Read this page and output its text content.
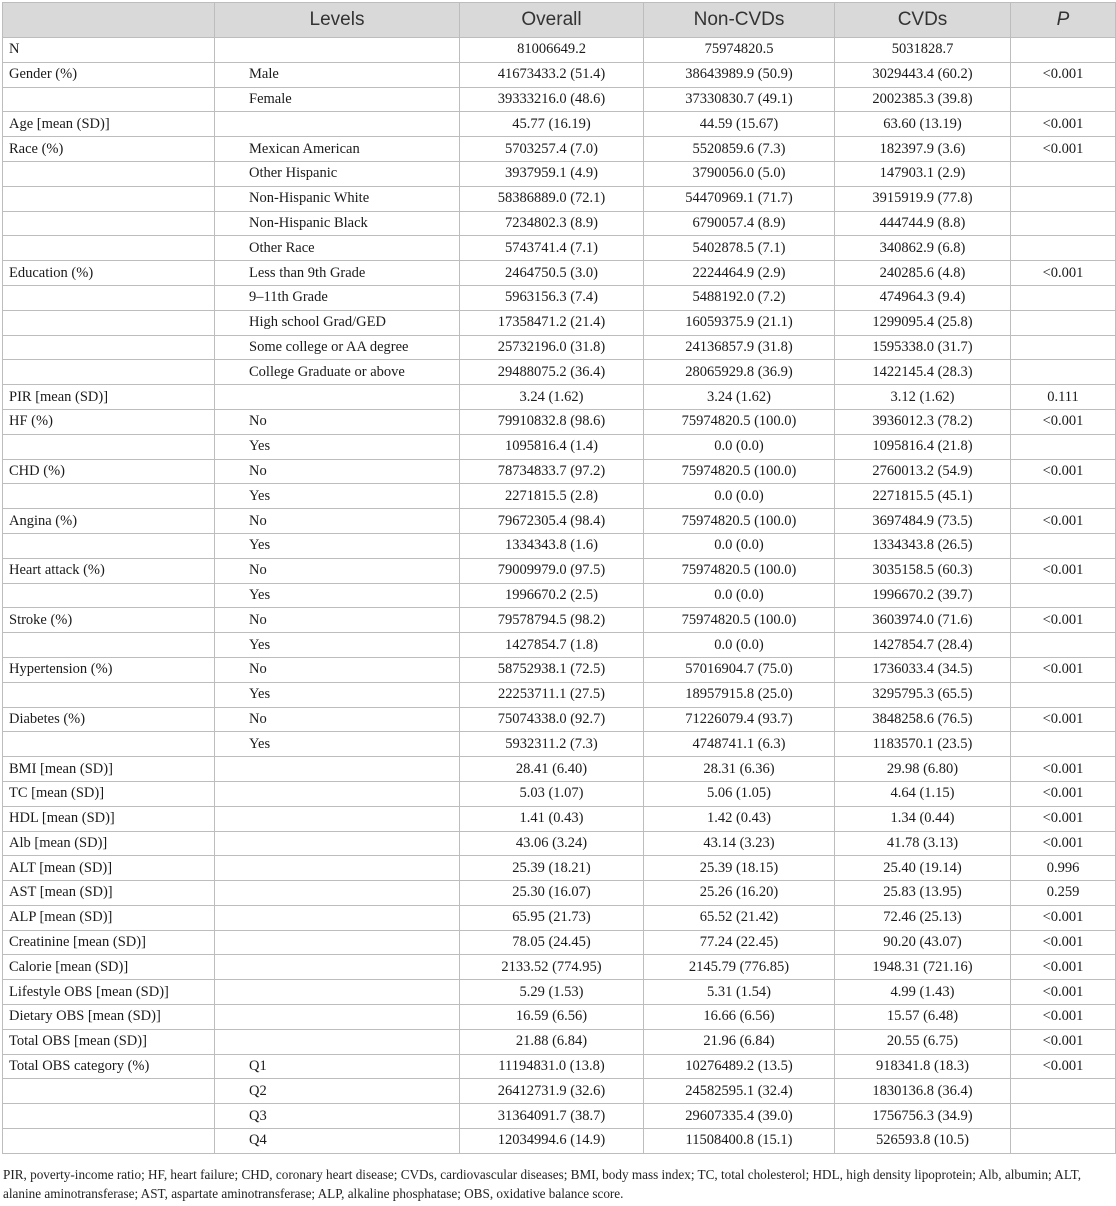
	Levels	Overall	Non-CVDs	CVDs	P
N		81006649.2	75974820.5	5031828.7	
Gender (%)	Male	41673433.2 (51.4)	38643989.9 (50.9)	3029443.4 (60.2)	<0.001
	Female	39333216.0 (48.6)	37330830.7 (49.1)	2002385.3 (39.8)	
Age [mean (SD)]		45.77 (16.19)	44.59 (15.67)	63.60 (13.19)	<0.001
Race (%)	Mexican American	5703257.4 (7.0)	5520859.6 (7.3)	182397.9 (3.6)	<0.001
	Other Hispanic	3937959.1 (4.9)	3790056.0 (5.0)	147903.1 (2.9)	
	Non-Hispanic White	58386889.0 (72.1)	54470969.1 (71.7)	3915919.9 (77.8)	
	Non-Hispanic Black	7234802.3 (8.9)	6790057.4 (8.9)	444744.9 (8.8)	
	Other Race	5743741.4 (7.1)	5402878.5 (7.1)	340862.9 (6.8)	
Education (%)	Less than 9th Grade	2464750.5 (3.0)	2224464.9 (2.9)	240285.6 (4.8)	<0.001
	9–11th Grade	5963156.3 (7.4)	5488192.0 (7.2)	474964.3 (9.4)	
	High school Grad/GED	17358471.2 (21.4)	16059375.9 (21.1)	1299095.4 (25.8)	
	Some college or AA degree	25732196.0 (31.8)	24136857.9 (31.8)	1595338.0 (31.7)	
	College Graduate or above	29488075.2 (36.4)	28065929.8 (36.9)	1422145.4 (28.3)	
PIR [mean (SD)]		3.24 (1.62)	3.24 (1.62)	3.12 (1.62)	0.111
HF (%)	No	79910832.8 (98.6)	75974820.5 (100.0)	3936012.3 (78.2)	<0.001
	Yes	1095816.4 (1.4)	0.0 (0.0)	1095816.4 (21.8)	
CHD (%)	No	78734833.7 (97.2)	75974820.5 (100.0)	2760013.2 (54.9)	<0.001
	Yes	2271815.5 (2.8)	0.0 (0.0)	2271815.5 (45.1)	
Angina (%)	No	79672305.4 (98.4)	75974820.5 (100.0)	3697484.9 (73.5)	<0.001
	Yes	1334343.8 (1.6)	0.0 (0.0)	1334343.8 (26.5)	
Heart attack (%)	No	79009979.0 (97.5)	75974820.5 (100.0)	3035158.5 (60.3)	<0.001
	Yes	1996670.2 (2.5)	0.0 (0.0)	1996670.2 (39.7)	
Stroke (%)	No	79578794.5 (98.2)	75974820.5 (100.0)	3603974.0 (71.6)	<0.001
	Yes	1427854.7 (1.8)	0.0 (0.0)	1427854.7 (28.4)	
Hypertension (%)	No	58752938.1 (72.5)	57016904.7 (75.0)	1736033.4 (34.5)	<0.001
	Yes	22253711.1 (27.5)	18957915.8 (25.0)	3295795.3 (65.5)	
Diabetes (%)	No	75074338.0 (92.7)	71226079.4 (93.7)	3848258.6 (76.5)	<0.001
	Yes	5932311.2 (7.3)	4748741.1 (6.3)	1183570.1 (23.5)	
BMI [mean (SD)]		28.41 (6.40)	28.31 (6.36)	29.98 (6.80)	<0.001
TC [mean (SD)]		5.03 (1.07)	5.06 (1.05)	4.64 (1.15)	<0.001
HDL [mean (SD)]		1.41 (0.43)	1.42 (0.43)	1.34 (0.44)	<0.001
Alb [mean (SD)]		43.06 (3.24)	43.14 (3.23)	41.78 (3.13)	<0.001
ALT [mean (SD)]		25.39 (18.21)	25.39 (18.15)	25.40 (19.14)	0.996
AST [mean (SD)]		25.30 (16.07)	25.26 (16.20)	25.83 (13.95)	0.259
ALP [mean (SD)]		65.95 (21.73)	65.52 (21.42)	72.46 (25.13)	<0.001
Creatinine [mean (SD)]		78.05 (24.45)	77.24 (22.45)	90.20 (43.07)	<0.001
Calorie [mean (SD)]		2133.52 (774.95)	2145.79 (776.85)	1948.31 (721.16)	<0.001
Lifestyle OBS [mean (SD)]		5.29 (1.53)	5.31 (1.54)	4.99 (1.43)	<0.001
Dietary OBS [mean (SD)]		16.59 (6.56)	16.66 (6.56)	15.57 (6.48)	<0.001
Total OBS [mean (SD)]		21.88 (6.84)	21.96 (6.84)	20.55 (6.75)	<0.001
Total OBS category (%)	Q1	11194831.0 (13.8)	10276489.2 (13.5)	918341.8 (18.3)	<0.001
	Q2	26412731.9 (32.6)	24582595.1 (32.4)	1830136.8 (36.4)	
	Q3	31364091.7 (38.7)	29607335.4 (39.0)	1756756.3 (34.9)	
	Q4	12034994.6 (14.9)	11508400.8 (15.1)	526593.8 (10.5)	

PIR, poverty-income ratio; HF, heart failure; CHD, coronary heart disease; CVDs, cardiovascular diseases; BMI, body mass index; TC, total cholesterol; HDL, high density lipoprotein; Alb, albumin; ALT, alanine aminotransferase; AST, aspartate aminotransferase; ALP, alkaline phosphatase; OBS, oxidative balance score.
